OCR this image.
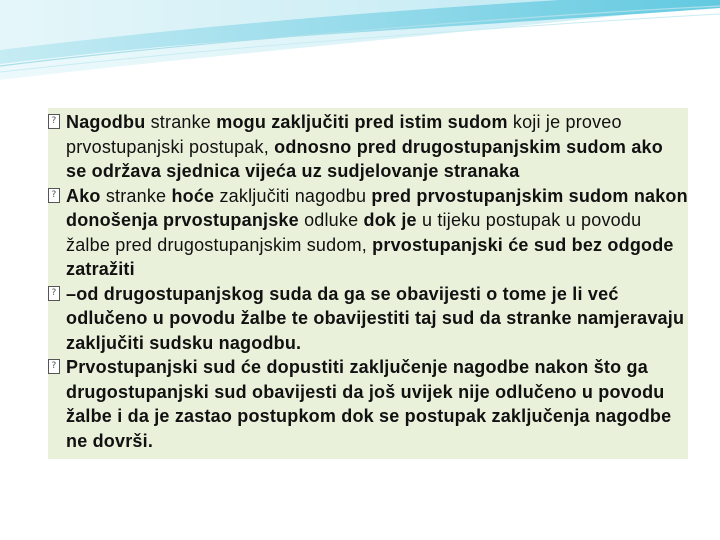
? Nagodbu stranke mogu zaključiti pred istim sudom koji je proveo prvostupanjski postupak, odnosno pred drugostupanjskim sudom ako se održava sjednica vijeća uz sudjelovanje stranaka
? Ako stranke hoće zaključiti nagodbu pred prvostupanjskim sudom nakon donošenja prvostupanjske odluke dok je u tijeku postupak u povodu žalbe pred drugostupanjskim sudom, prvostupanjski će sud bez odgode zatražiti
? –od drugostupanjskog suda da ga se obavijesti o tome je li već odlučeno u povodu žalbe te obavijestiti taj sud da stranke namjeravaju zaključiti sudsku nagodbu.
? Prvostupanjski sud će dopustiti zaključenje nagodbe nakon što ga drugostupanjski sud obavijesti da još uvijek nije odlučeno u povodu žalbe i da je zastao postupkom dok se postupak zaključenja nagodbe ne dovrši.
